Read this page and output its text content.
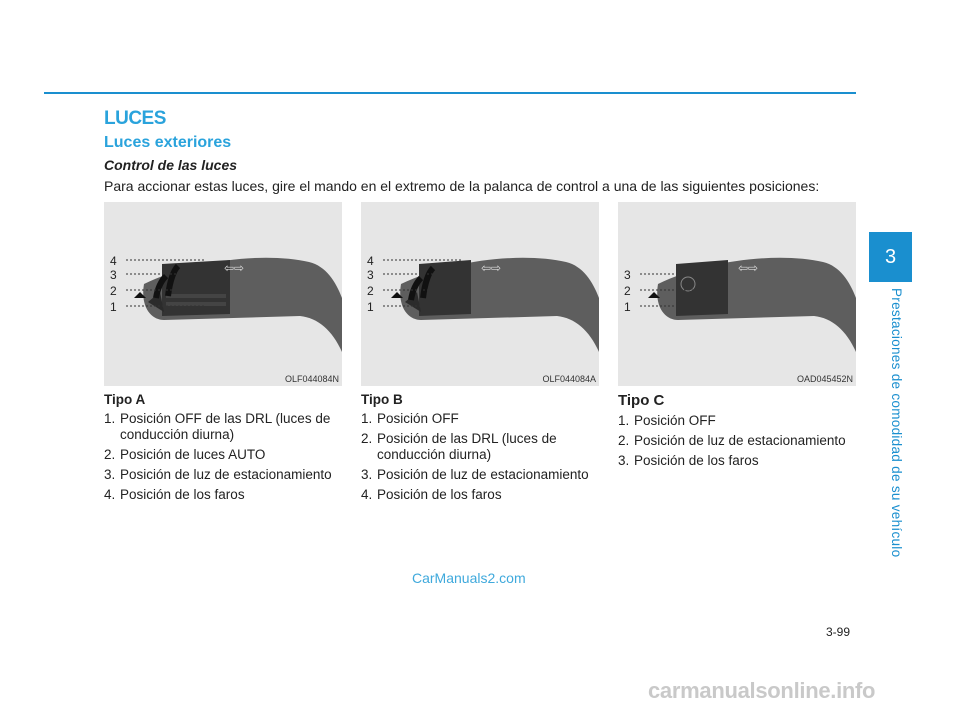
LUCES
Luces exteriores
Control de las luces
Para accionar estas luces, gire el mando en el extremo de la palanca de control a una de las siguientes posiciones:
⇦⇨
4
3
2
1
OLF044084N
⇦⇨
4
3
2
1
OLF044084A
⇦⇨
3
2
1
OAD045452N
Tipo A
1. Posición OFF de las DRL (luces de conducción diurna)
2. Posición de luces AUTO
3. Posición de luz de estacionamiento
4. Posición de los faros
Tipo B
1. Posición OFF
2. Posición de las DRL (luces de conducción diurna)
3. Posición de luz de estacionamiento
4. Posición de los faros
Tipo C
1. Posición OFF
2. Posición de luz de estacionamiento
3. Posición de los faros
3
Prestaciones de comodidad de su vehículo
CarManuals2.com
3-99
carmanualsonline.info
